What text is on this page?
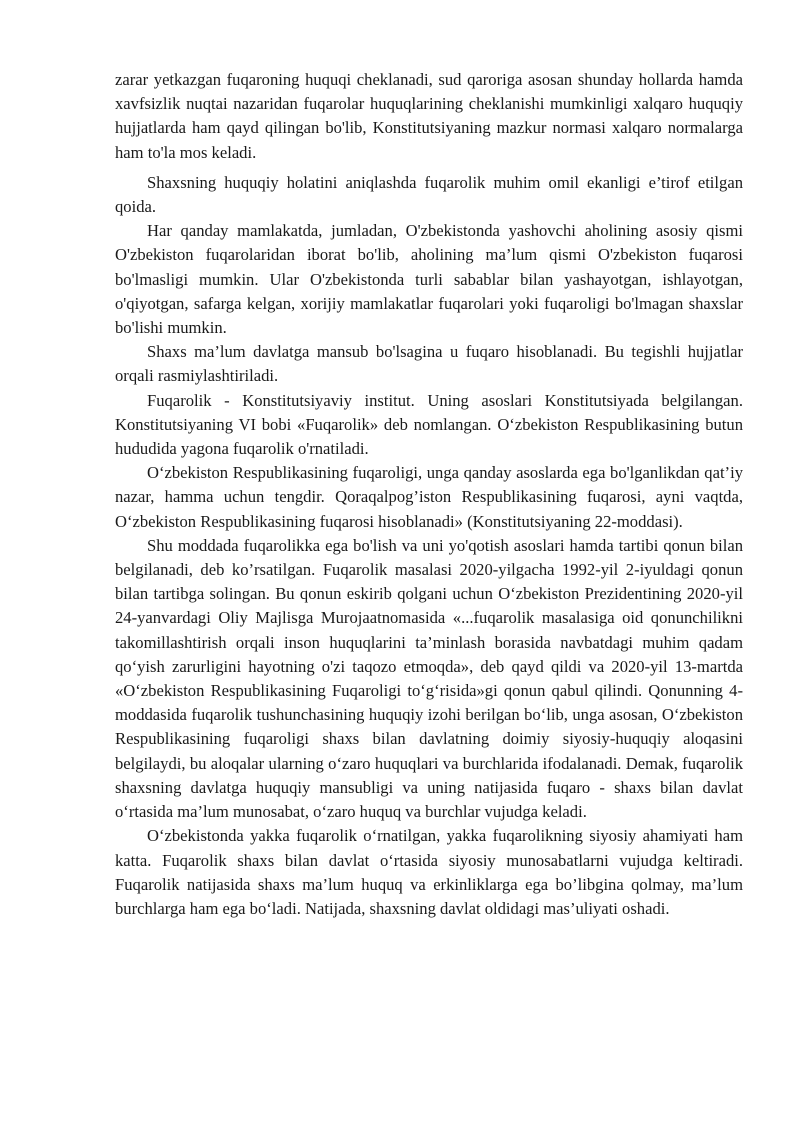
zarar yetkazgan fuqaroning huquqi cheklanadi, sud qaroriga asosan shunday hollarda hamda xavfsizlik nuqtai nazaridan fuqarolar huquqlarining cheklanishi mumkinligi xalqaro huquqiy hujjatlarda ham qayd qilingan bo'lib, Konstitutsiyaning mazkur normasi xalqaro normalarga ham to'la mos keladi.

Shaxsning huquqiy holatini aniqlashda fuqarolik muhim omil ekanligi e’tirof etilgan qoida.

Har qanday mamlakatda, jumladan, O'zbekistonda yashovchi aholining asosiy qismi O'zbekiston fuqarolaridan iborat bo'lib, aholining ma’lum qismi O'zbekiston fuqarosi bo'lmasligi mumkin. Ular O'zbekistonda turli sabablar bilan yashayotgan, ishlayotgan, o'qiyotgan, safarga kelgan, xorijiy mamlakatlar fuqarolari yoki fuqaroligi bo'lmagan shaxslar bo'lishi mumkin.

Shaxs ma’lum davlatga mansub bo'lsagina u fuqaro hisoblanadi. Bu tegishli hujjatlar orqali rasmiylashtiriladi.

Fuqarolik - Konstitutsiyaviy institut. Uning asoslari Konstitutsiyada belgilangan. Konstitutsiyaning VI bobi «Fuqarolik» deb nomlangan. O‘zbekiston Respublikasining butun hududida yagona fuqarolik o'rnatiladi.

O‘zbekiston Respublikasining fuqaroligi, unga qanday asoslarda ega bo'lganlikdan qat’iy nazar, hamma uchun tengdir. Qoraqalpog’iston Respublikasining fuqarosi, ayni vaqtda, O‘zbekiston Respublikasining fuqarosi hisoblanadi» (Konstitutsiyaning 22-moddasi).

Shu moddada fuqarolikka ega bo'lish va uni yo'qotish asoslari hamda tartibi qonun bilan belgilanadi, deb ko’rsatilgan. Fuqarolik masalasi 2020-yilgacha 1992-yil 2-iyuldagi qonun bilan tartibga solingan. Bu qonun eskirib qolgani uchun O‘zbekiston Prezidentining 2020-yil 24-yanvardagi Oliy Majlisga Murojaatnomasida «...fuqarolik masalasiga oid qonunchilikni takomillashtirish orqali inson huquqlarini ta’minlash borasida navbatdagi muhim qadam qo‘yish zarurligini hayotning o'zi taqozo etmoqda», deb qayd qildi va 2020-yil 13-martda «O‘zbekiston Respublikasining Fuqaroligi to‘g‘risida»gi qonun qabul qilindi. Qonunning 4-moddasida fuqarolik tushunchasining huquqiy izohi berilgan bo‘lib, unga asosan, O‘zbekiston Respublikasining fuqaroligi shaxs bilan davlatning doimiy siyosiy-huquqiy aloqasini belgilaydi, bu aloqalar ularning o‘zaro huquqlari va burchlarida ifodalanadi. Demak, fuqarolik shaxsning davlatga huquqiy mansubligi va uning natijasida fuqaro - shaxs bilan davlat o‘rtasida ma’lum munosabat, o‘zaro huquq va burchlar vujudga keladi.

O‘zbekistonda yakka fuqarolik o‘rnatilgan, yakka fuqarolikning siyosiy ahamiyati ham katta. Fuqarolik shaxs bilan davlat o‘rtasida siyosiy munosabatlarni vujudga keltiradi. Fuqarolik natijasida shaxs ma’lum huquq va erkinliklarga ega bo’libgina qolmay, ma’lum burchlarga ham ega bo‘ladi. Natijada, shaxsning davlat oldidagi mas’uliyati oshadi.
